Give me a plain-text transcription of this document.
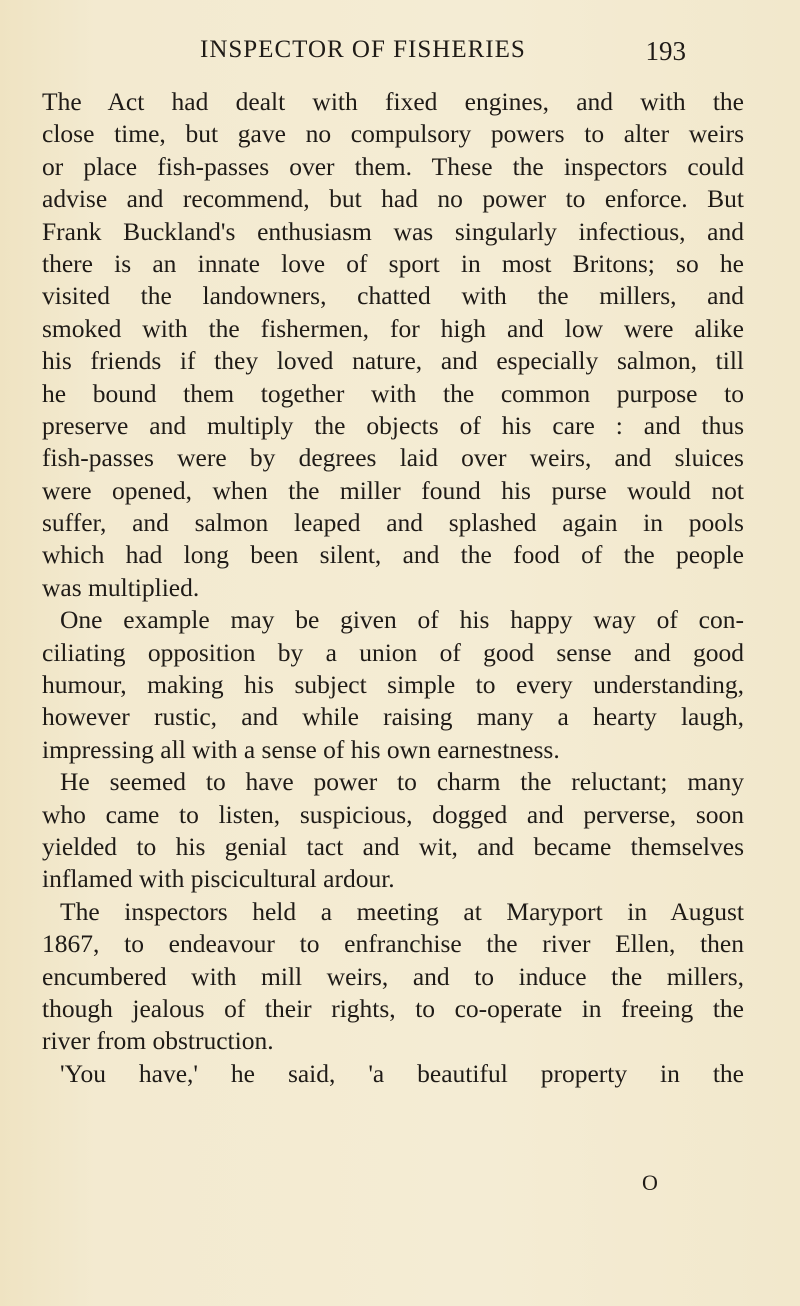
INSPECTOR OF FISHERIES	193
The Act had dealt with fixed engines, and with the
close time, but gave no compulsory powers to alter weirs
or place fish-passes over them. These the inspectors could
advise and recommend, but had no power to enforce. But
Frank Buckland's enthusiasm was singularly infectious, and
there is an innate love of sport in most Britons; so he
visited the landowners, chatted with the millers, and
smoked with the fishermen, for high and low were alike
his friends if they loved nature, and especially salmon, till
he bound them together with the common purpose to
preserve and multiply the objects of his care : and thus
fish-passes were by degrees laid over weirs, and sluices
were opened, when the miller found his purse would not
suffer, and salmon leaped and splashed again in pools
which had long been silent, and the food of the people
was multiplied.
One example may be given of his happy way of con-
ciliating opposition by a union of good sense and good
humour, making his subject simple to every understanding,
however rustic, and while raising many a hearty laugh,
impressing all with a sense of his own earnestness.
He seemed to have power to charm the reluctant; many
who came to listen, suspicious, dogged and perverse, soon
yielded to his genial tact and wit, and became themselves
inflamed with piscicultural ardour.
The inspectors held a meeting at Maryport in August
1867, to endeavour to enfranchise the river Ellen, then
encumbered with mill weirs, and to induce the millers,
though jealous of their rights, to co-operate in freeing the
river from obstruction.
'You have,' he said, 'a beautiful property in the
O
